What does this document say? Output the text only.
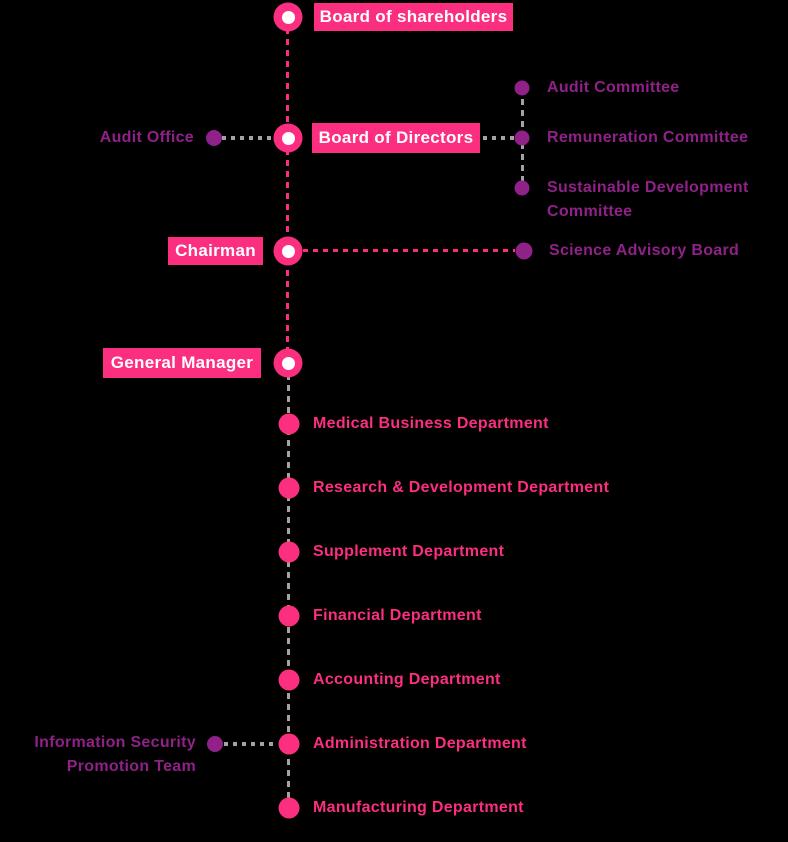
Board of shareholders
Board of Directors
Chairman
General Manager
Audit Office
Audit Committee
Remuneration Committee
Sustainable Development Committee
Science Advisory Board
Medical Business Department
Research & Development Department
Supplement Department
Financial Department
Accounting Department
Administration Department
Manufacturing Department
Information Security Promotion Team
